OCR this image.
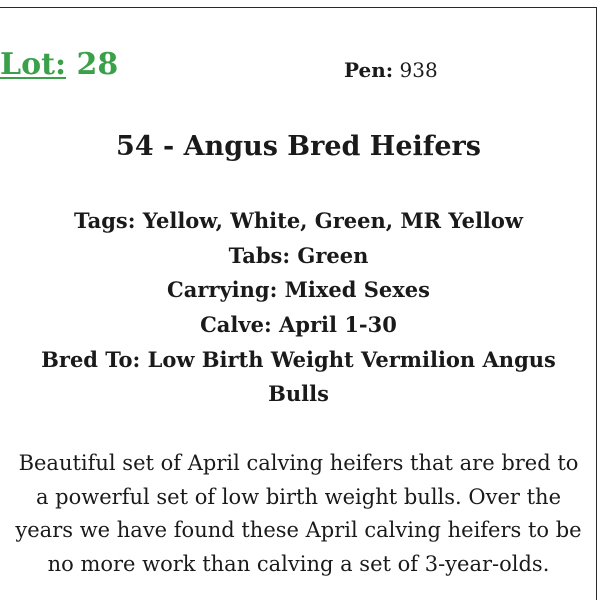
Lot: 28	Pen: 938
54 - Angus Bred Heifers
Tags: Yellow, White, Green, MR Yellow
Tabs: Green
Carrying: Mixed Sexes
Calve: April 1-30
Bred To: Low Birth Weight Vermilion Angus
Bulls
Beautiful set of April calving heifers that are bred to
a powerful set of low birth weight bulls. Over the
years we have found these April calving heifers to be
no more work than calving a set of 3-year-olds.
